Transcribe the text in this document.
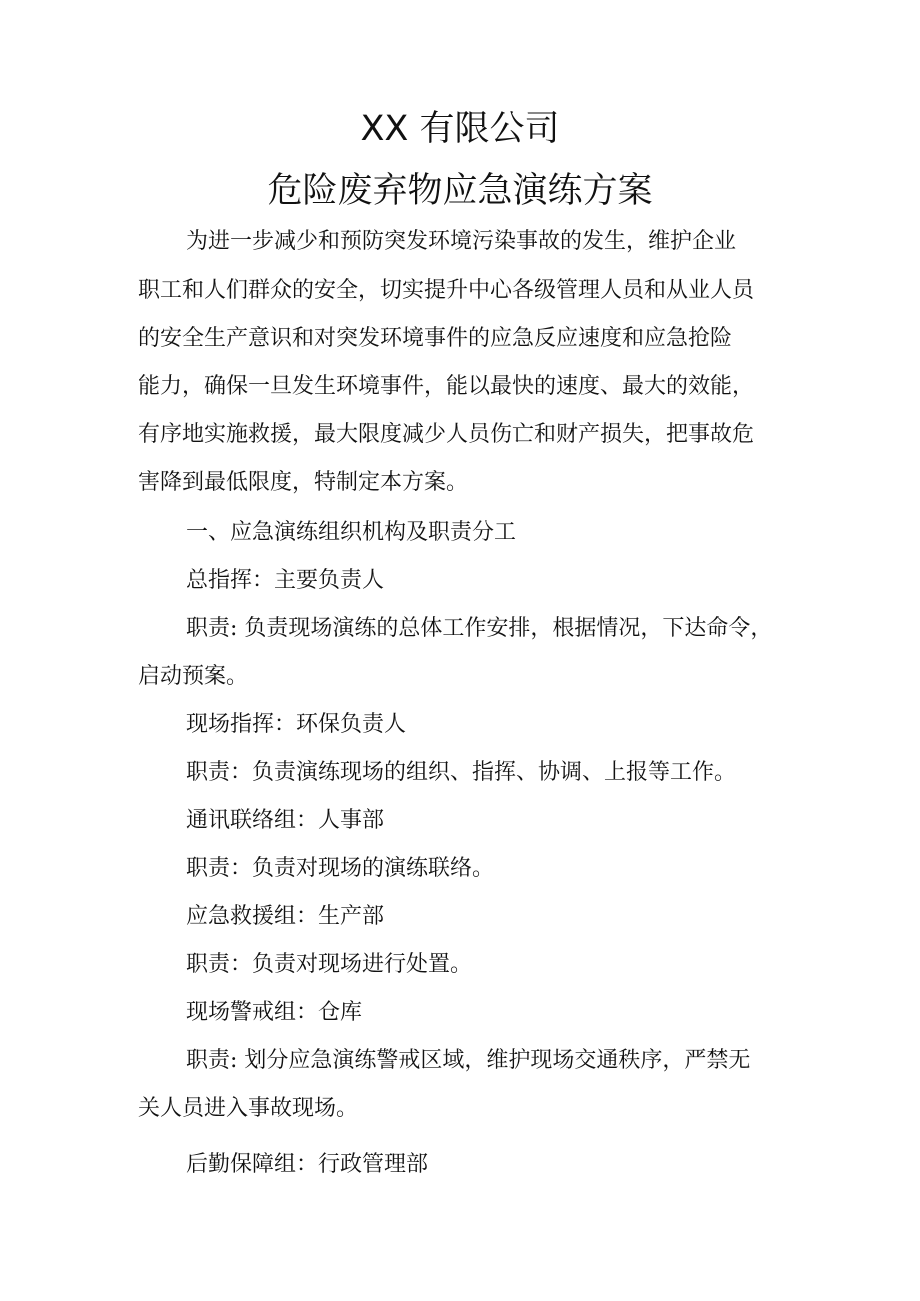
XX 有限公司
危险废弃物应急演练方案

为进一步减少和预防突发环境污染事故的发生，维护企业

职工和人们群众的安全，切实提升中心各级管理人员和从业人员

的安全生产意识和对突发环境事件的应急反应速度和应急抢险

能力，确保一旦发生环境事件，能以最快的速度、最大的效能，

有序地实施救援，最大限度减少人员伤亡和财产损失，把事故危

害降到最低限度，特制定本方案。

一、应急演练组织机构及职责分工

总指挥：主要负责人

职责: 负责现场演练的总体工作安排，根据情况，下达命令，

启动预案。

现场指挥：环保负责人

职责：负责演练现场的组织、指挥、协调、上报等工作。

通讯联络组：人事部

职责：负责对现场的演练联络。

应急救援组：生产部

职责：负责对现场进行处置。

现场警戒组：仓库

职责: 划分应急演练警戒区域，维护现场交通秩序，严禁无

关人员进入事故现场。

后勤保障组：行政管理部
